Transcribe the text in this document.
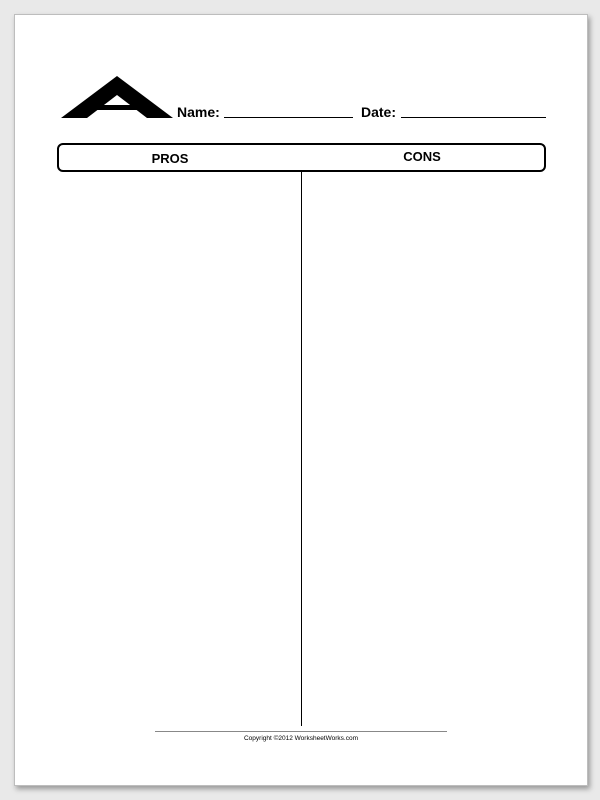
Name:	Date:
PROS	CONS
Copyright ©2012 WorksheetWorks.com
